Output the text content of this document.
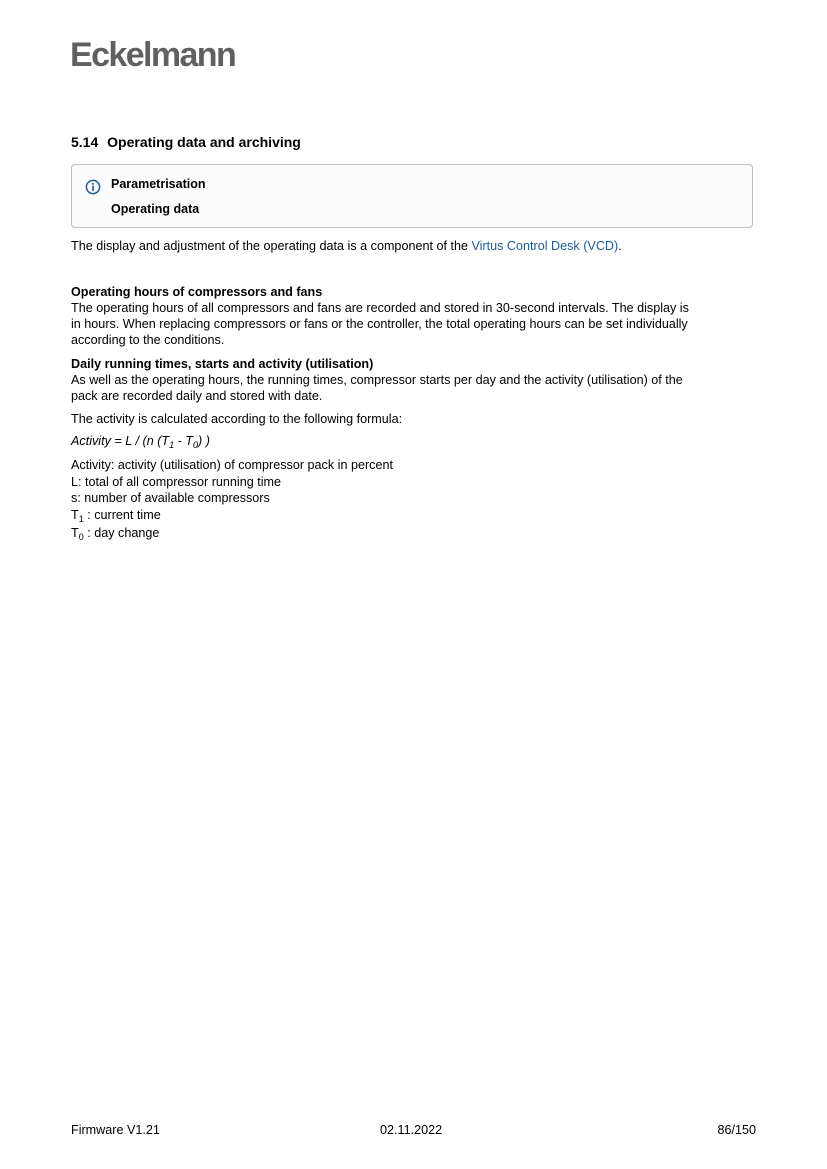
Eckelmann
5.14 Operating data and archiving
Parametrisation
Operating data
The display and adjustment of the operating data is a component of the Virtus Control Desk (VCD).
Operating hours of compressors and fans
The operating hours of all compressors and fans are recorded and stored in 30-second intervals. The display is
in hours. When replacing compressors or fans or the controller, the total operating hours can be set individually
according to the conditions.
Daily running times, starts and activity (utilisation)
As well as the operating hours, the running times, compressor starts per day and the activity (utilisation) of the
pack are recorded daily and stored with date.
The activity is calculated according to the following formula:
Activity = L / (n $(T_1 - T_0)$ )
Activity: activity (utilisation) of compressor pack in percent
L: total of all compressor running time
s: number of available compressors
$T_1$ : current time
$T_0$ : day change
Firmware V1.21	02.11.2022	86/150
